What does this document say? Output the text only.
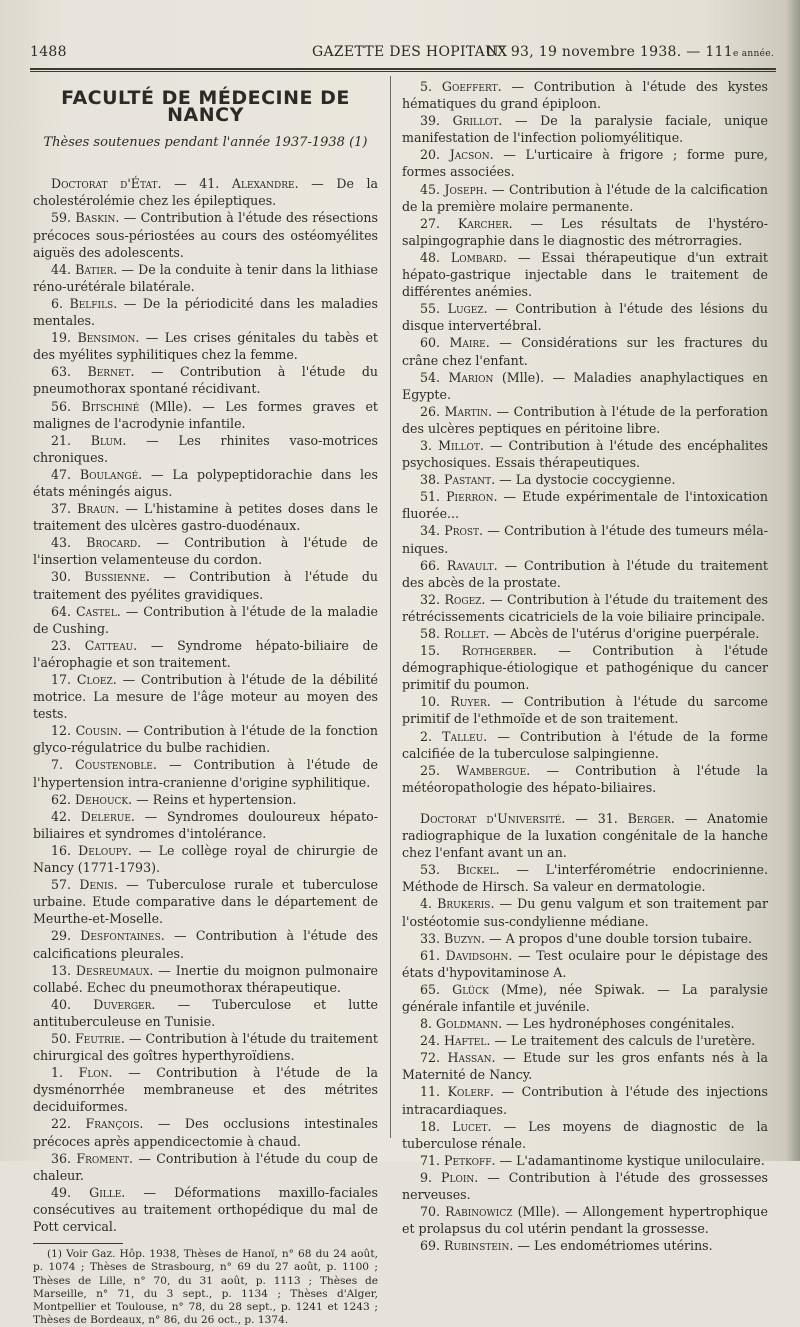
1488	GAZETTE DES HOPITAUX
N° 93, 19 novembre 1938. — 111e année.
FACULTÉ DE MÉDECINE DE NANCY
Thèses soutenues pendant l'année 1937-1938 (1)

Doctorat d'État. — 41. Alexandre. — De la cholestérolémie chez les épileptiques.

59. Baskin. — Contribution à l'étude des résections précoces sous-périostées au cours des ostéomyélites aiguës des adolescents.

44. Batier. — De la conduite à tenir dans la lithiase réno-urétérale bilatérale.

6. Belfils. — De la périodicité dans les maladies mentales.

19. Bensimon. — Les crises génitales du tabès et des myélites syphilitiques chez la femme.

63. Bernet. — Contribution à l'étude du pneumothorax spontané récidivant.

56. Bitschiné (Mlle). — Les formes graves et malignes de l'acrodynie infantile.

21. Blum. — Les rhinites vaso-motrices chroniques.

47. Boulangé. — La polypeptidorachie dans les états méningés aigus.

37. Braun. — L'histamine à petites doses dans le traitement des ulcères gastro-duodénaux.

43. Brocard. — Contribution à l'étude de l'insertion velamenteuse du cordon.

30. Bussienne. — Contribution à l'étude du traitement des pyélites gravidiques.

64. Castel. — Contribution à l'étude de la maladie de Cushing.

23. Catteau. — Syndrome hépato-biliaire de l'aérophagie et son traitement.

17. Cloez. — Contribution à l'étude de la débilité motrice. La mesure de l'âge moteur au moyen des tests.

12. Cousin. — Contribution à l'étude de la fonction glyco-régulatrice du bulbe rachidien.

7. Coustenoble. — Contribution à l'étude de l'hypertension intra-cranienne d'origine syphilitique.

62. Dehouck. — Reins et hypertension.

42. Delerue. — Syndromes douloureux hépato-biliaires et syndromes d'intolérance.

16. Deloupy. — Le collège royal de chirurgie de Nancy (1771-1793).

57. Denis. — Tuberculose rurale et tuberculose urbaine. Etude comparative dans le département de Meurthe-et-Moselle.

29. Desfontaines. — Contribution à l'étude des calcifications pleurales.

13. Desreumaux. — Inertie du moignon pulmonaire collabé. Echec du pneumothorax thérapeutique.

40. Duverger. — Tuberculose et lutte antituberculeuse en Tunisie.

50. Feutrie. — Contribution à l'étude du traitement chirurgical des goîtres hyperthyroïdiens.

1. Flon. — Contribution à l'étude de la dysménorrhée membraneuse et des métrites deciduiformes.

22. François. — Des occlusions intestinales précoces après appendicectomie à chaud.

36. Froment. — Contribution à l'étude du coup de chaleur.

49. Gille. — Déformations maxillo-faciales consécutives au traitement orthopédique du mal de Pott cervical.

(1) Voir Gaz. Hôp. 1938, Thèses de Hanoï, n° 68 du 24 août, p. 1074 ; Thèses de Strasbourg, n° 69 du 27 août, p. 1100 ; Thèses de Lille, n° 70, du 31 août, p. 1113 ; Thèses de Marseille, n° 71, du 3 sept., p. 1134 ; Thèses d'Alger, Montpellier et Toulouse, n° 78, du 28 sept., p. 1241 et 1243 ; Thèses de Bordeaux, n° 86, du 26 oct., p. 1374.

5. Goeffert. — Contribution à l'étude des kystes hématiques du grand épiploon.

39. Grillot. — De la paralysie faciale, unique manifestation de l'infection poliomyélitique.

20. Jacson. — L'urticaire à frigore ; forme pure, formes associées.

45. Joseph. — Contribution à l'étude de la calcification de la première molaire permanente.

27. Karcher. — Les résultats de l'hystéro-salpingographie dans le diagnostic des métrorragies.

48. Lombard. — Essai thérapeutique d'un extrait hépato-gastrique injectable dans le traitement de différentes anémies.

55. Lugez. — Contribution à l'étude des lésions du disque intervertébral.

60. Maire. — Considérations sur les fractures du crâne chez l'enfant.

54. Marion (Mlle). — Maladies anaphylactiques en Egypte.

26. Martin. — Contribution à l'étude de la perforation des ulcères peptiques en péritoine libre.

3. Millot. — Contribution à l'étude des encéphalites psychosiques. Essais thérapeutiques.

38. Pastant. — La dystocie coccygienne.

51. Pierron. — Etude expérimentale de l'intoxication fluorée...

34. Prost. — Contribution à l'étude des tumeurs méla-niques.

66. Ravault. — Contribution à l'étude du traitement des abcès de la prostate.

32. Rogez. — Contribution à l'étude du traitement des rétrécissements cicatriciels de la voie biliaire principale.

58. Rollet. — Abcès de l'utérus d'origine puerpérale.

15. Rothgerber. — Contribution à l'étude démographique-étiologique et pathogénique du cancer primitif du poumon.

10. Ruyer. — Contribution à l'étude du sarcome primitif de l'ethmoïde et de son traitement.

2. Talleu. — Contribution à l'étude de la forme calcifiée de la tuberculose salpingienne.

25. Wambergue. — Contribution à l'étude la météoropathologie des hépato-biliaires.

Doctorat d'Université. — 31. Berger. — Anatomie radiographique de la luxation congénitale de la hanche chez l'enfant avant un an.

53. Bickel. — L'interférométrie endocrinienne. Méthode de Hirsch. Sa valeur en dermatologie.

4. Brukeris. — Du genu valgum et son traitement par l'ostéotomie sus-condylienne médiane.

33. Buzyn. — A propos d'une double torsion tubaire.

61. Davidsohn. — Test oculaire pour le dépistage des états d'hypovitaminose A.

65. Glück (Mme), née Spiwak. — La paralysie générale infantile et juvénile.

8. Goldmann. — Les hydronéphoses congénitales.

24. Haftel. — Le traitement des calculs de l'uretère.

72. Hassan. — Etude sur les gros enfants nés à la Maternité de Nancy.

11. Kolerf. — Contribution à l'étude des injections intracardiaques.

18. Lucet. — Les moyens de diagnostic de la tuberculose rénale.

71. Petkoff. — L'adamantinome kystique uniloculaire.

9. Ploin. — Contribution à l'étude des grossesses nerveuses.

70. Rabinowicz (Mlle). — Allongement hypertrophique et prolapsus du col utérin pendant la grossesse.

69. Rubinstein. — Les endométriomes utérins.
